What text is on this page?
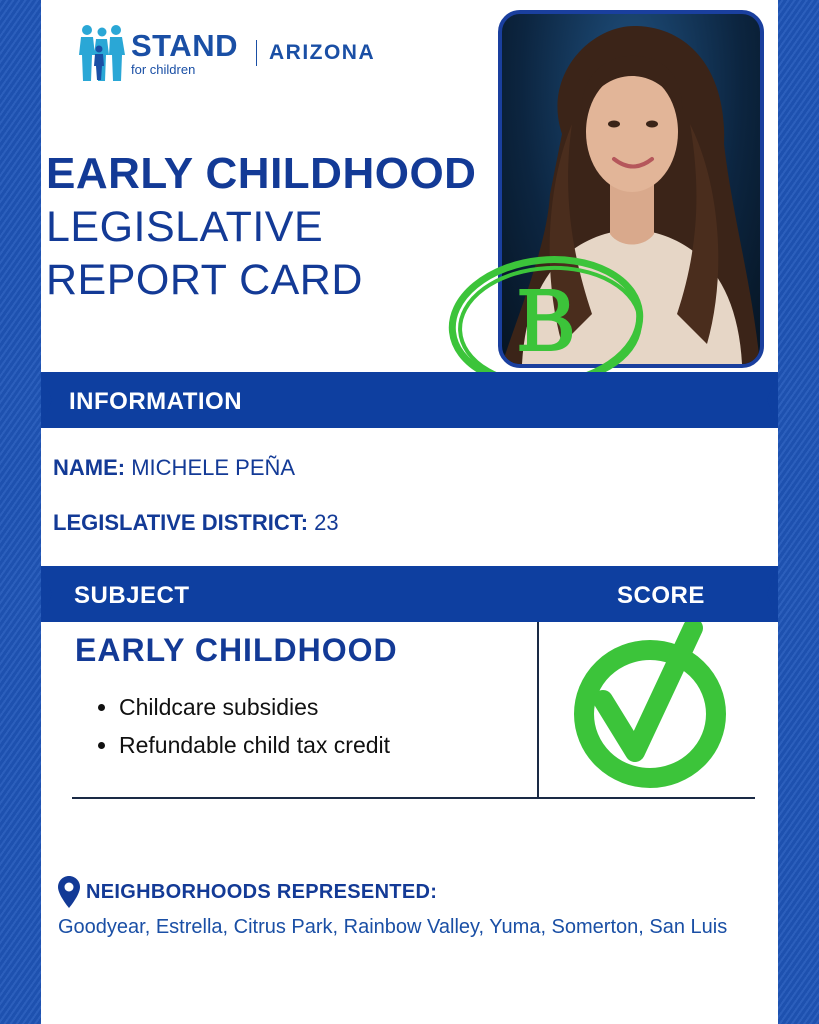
STAND
for children
ARIZONA
EARLY CHILDHOOD
LEGISLATIVE
REPORT CARD	B
INFORMATION
NAME: MICHELE PEÑA
LEGISLATIVE DISTRICT: 23
SUBJECT	SCORE
EARLY CHILDHOOD
• Childcare subsidies
• Refundable child tax credit
NEIGHBORHOODS REPRESENTED:
Goodyear, Estrella, Citrus Park, Rainbow Valley, Yuma, Somerton, San Luis
